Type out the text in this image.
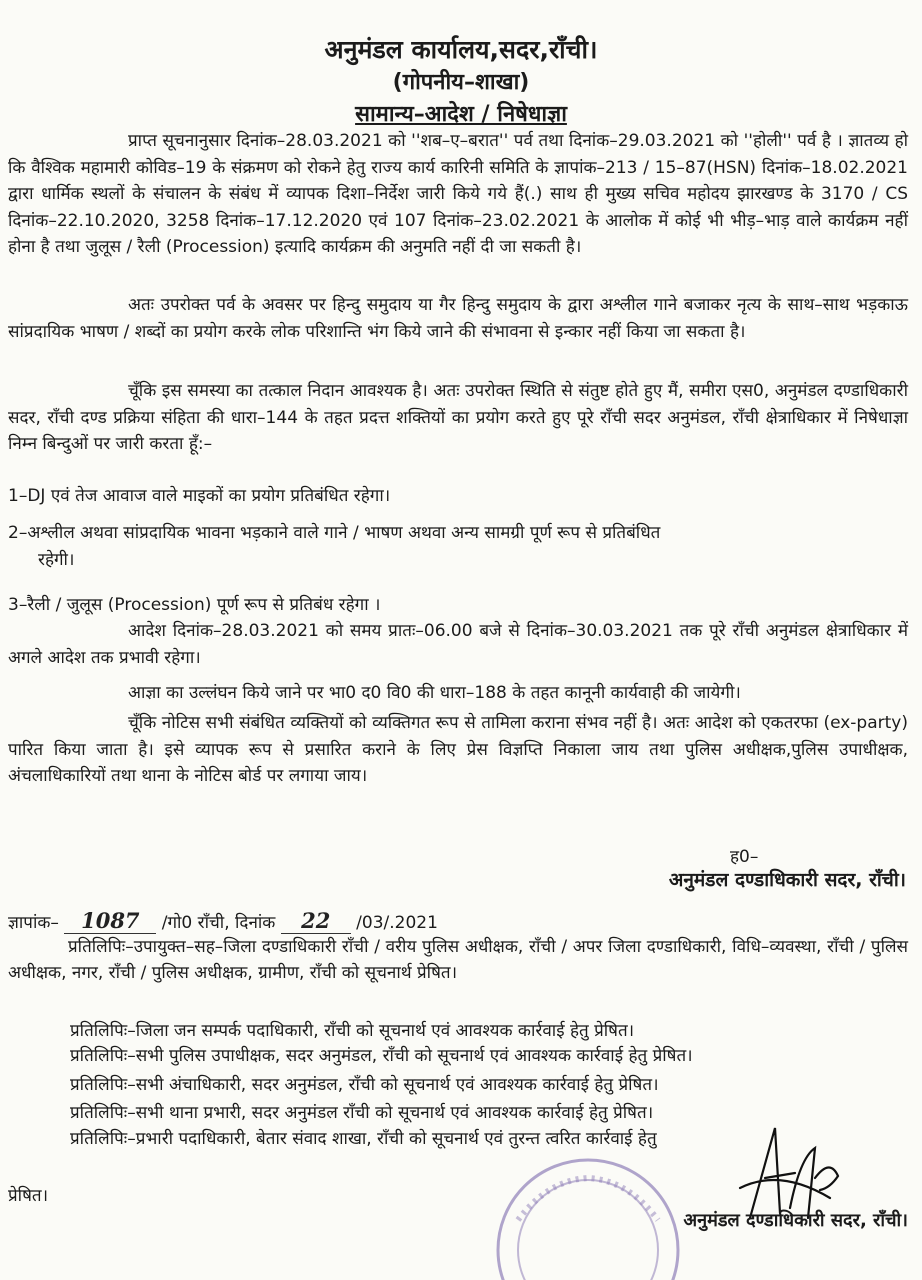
अनुमंडल कार्यालय,सदर,राँची।
(गोपनीय–शाखा)
सामान्य–आदेश / निषेधाज्ञा
प्राप्त सूचनानुसार दिनांक–28.03.2021 को ''शब–ए–बरात'' पर्व तथा दिनांक–29.03.2021 को ''होली'' पर्व है । ज्ञातव्य हो कि वैश्विक महामारी कोविड–19 के संक्रमण को रोकने हेतु राज्य कार्य कारिनी समिति के ज्ञापांक–213 / 15–87(HSN) दिनांक–18.02.2021 द्वारा धार्मिक स्थलों के संचालन के संबंध में व्यापक दिशा–निर्देश जारी किये गये हैं(.) साथ ही मुख्य सचिव महोदय झारखण्ड के 3170 / CS दिनांक–22.10.2020, 3258 दिनांक–17.12.2020 एवं 107 दिनांक–23.02.2021 के आलोक में कोई भी भीड़–भाड़ वाले कार्यक्रम नहीं होना है तथा जुलूस / रैली (Procession) इत्यादि कार्यक्रम की अनुमति नहीं दी जा सकती है।
अतः उपरोक्त पर्व के अवसर पर हिन्दु समुदाय या गैर हिन्दु समुदाय के द्वारा अश्लील गाने बजाकर नृत्य के साथ–साथ भड़काऊ सांप्रदायिक भाषण / शब्दों का प्रयोग करके लोक परिशान्ति भंग किये जाने की संभावना से इन्कार नहीं किया जा सकता है।
चूँकि इस समस्या का तत्काल निदान आवश्यक है। अतः उपरोक्त स्थिति से संतुष्ट होते हुए मैं, समीरा एस0, अनुमंडल दण्डाधिकारी सदर, राँची दण्ड प्रक्रिया संहिता की धारा–144 के तहत प्रदत्त शक्तियों का प्रयोग करते हुए पूरे राँची सदर अनुमंडल, राँची क्षेत्राधिकार में निषेधाज्ञा निम्न बिन्दुओं पर जारी करता हूँ:–
1–DJ एवं तेज आवाज वाले माइकों का प्रयोग प्रतिबंधित रहेगा।
2–अश्लील अथवा सांप्रदायिक भावना भड़काने वाले गाने / भाषण अथवा अन्य सामग्री पूर्ण रूप से प्रतिबंधित
रहेगी।
3–रैली / जुलूस (Procession) पूर्ण रूप से प्रतिबंध रहेगा ।
आदेश दिनांक–28.03.2021 को समय प्रातः–06.00 बजे से दिनांक–30.03.2021 तक पूरे राँची अनुमंडल क्षेत्राधिकार में अगले आदेश तक प्रभावी रहेगा।
आज्ञा का उल्लंघन किये जाने पर भा0 द0 वि0 की धारा–188 के तहत कानूनी कार्यवाही की जायेगी।
चूँकि नोटिस सभी संबंधित व्यक्तियों को व्यक्तिगत रूप से तामिला कराना संभव नहीं है। अतः आदेश को एकतरफा (ex-party) पारित किया जाता है। इसे व्यापक रूप से प्रसारित कराने के लिए प्रेस विज्ञप्ति निकाला जाय तथा पुलिस अधीक्षक,पुलिस उपाधीक्षक, अंचलाधिकारियों तथा थाना के नोटिस बोर्ड पर लगाया जाय।
ह0–
अनुमंडल दण्डाधिकारी सदर, राँची।
ज्ञापांक– 1087 /गो0 राँची, दिनांक 22 /03/.2021
प्रतिलिपिः–उपायुक्त–सह–जिला दण्डाधिकारी राँची / वरीय पुलिस अधीक्षक, राँची / अपर जिला दण्डाधिकारी, विधि–व्यवस्था, राँची / पुलिस अधीक्षक, नगर, राँची / पुलिस अधीक्षक, ग्रामीण, राँची को सूचनार्थ प्रेषित।
प्रतिलिपिः–जिला जन सम्पर्क पदाधिकारी, राँची को सूचनार्थ एवं आवश्यक कार्रवाई हेतु प्रेषित।
प्रतिलिपिः–सभी पुलिस उपाधीक्षक, सदर अनुमंडल, राँची को सूचनार्थ एवं आवश्यक कार्रवाई हेतु प्रेषित।
प्रतिलिपिः–सभी अंचाधिकारी, सदर अनुमंडल, राँची को सूचनार्थ एवं आवश्यक कार्रवाई हेतु प्रेषित।
प्रतिलिपिः–सभी थाना प्रभारी, सदर अनुमंडल राँची को सूचनार्थ एवं आवश्यक कार्रवाई हेतु प्रेषित।
प्रतिलिपिः–प्रभारी पदाधिकारी, बेतार संवाद शाखा, राँची को सूचनार्थ एवं तुरन्त त्वरित कार्रवाई हेतु
प्रेषित।
अनुमंडल दण्डाधिकारी सदर, राँची।
